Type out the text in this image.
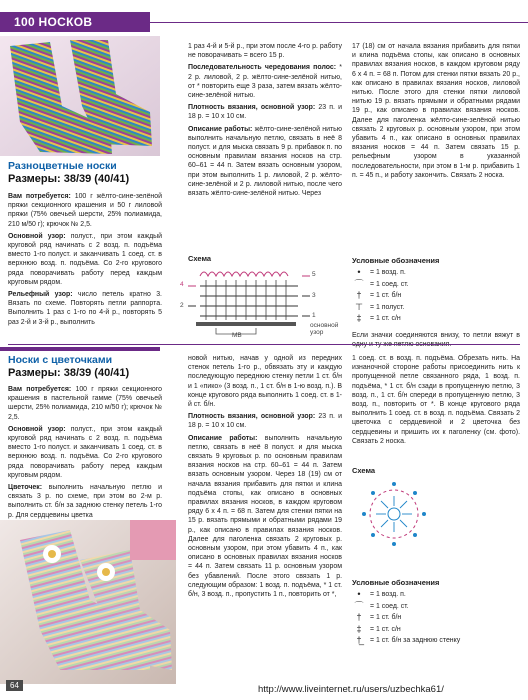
100 НОСКОВ
Разноцветные носки
Размеры: 38/39 (40/41)

Вам потребуется: 100 г жёлто-сине-зелёной пряжи секционного крашения и 50 г лиловой пряжи (75% овечьей шерсти, 25% полиамида, 210 м/50 г); крючок № 2,5.

Основной узор: полуст., при этом каждый круговой ряд начинать с 2 возд. п. подъёма вместо 1-го полуст. и заканчивать 1 соед. ст. в верхнюю возд. п. подъёма. Со 2-го кругового ряда поворачивать работу перед каждым круговым рядом.

Рельефный узор: число петель кратно 3. Вязать по схеме. Повторять петли раппорта. Выполнить 1 раз с 1-го по 4-й р., повторять 5 раз 2-й и 3-й р., выполнить

1 раз 4-й и 5-й р., при этом после 4-го р. работу не поворачивать = всего 15 р.

Последовательность чередования полос: * 2 р. лиловой, 2 р. жёлто-сине-зелёной нитью, от * повторить еще 3 раза, затем вязать жёлто-сине-зелёной нитью.

Плотность вязания, основной узор: 23 п. и 18 р. = 10 х 10 см.

Описание работы: жёлто-сине-зелёной нитью выполнить начальную петлю, связать в неё 8 полуст. и для мыска связать 9 р. прибавок п. по основным правилам вязания носков на стр. 60–61 = 44 п. Затем вязать основным узором, при этом выполнить 1 р. лиловой, 2 р. жёлто-сине-зелёной и 2 р. лиловой нитью, после чего вязать жёлто-сине-зелёной нитью. Через

17 (18) см от начала вязания прибавить для пятки и клина подъёма стопы, как описано в основных правилах вязания носков, в каждом круговом ряду 6 х 4 п. = 68 п. Потом для стенки пятки вязать 20 р., как описано в правилах вязания носков, лиловой нитью. После этого для стенки пятки лиловой нитью 19 р. вязать прямыми и обратными рядами 19 р., как описано в правилах вязания носков. Далее для паголенка жёлто-сине-зелёной нитью связать 2 круговых р. основным узором, при этом убавить 4 п., как описано в основных правилах вязания носков = 44 п. Затем связать 15 р. рельефным узором в указанной последовательности, при этом в 1-м р. прибавить 1 п. = 45 п., и работу закончить. Связать 2 носка.

Схема
5
4
3
2
1
основной узор
МВ
Условные обозначения
•	= 1 возд. п.
⌒ = 1 соед. ст.
†	= 1 ст. б/н
⊤	= 1 полуст.
‡	= 1 ст. с/н
Если значки соединяются внизу, то петли вяжут в
Носки с цветочками
Размеры: 38/39 (40/41)

Вам потребуется: 100 г пряжи секционного крашения в пастельной гамме (75% овечьей шерсти, 25% полиамида, 210 м/50 г); крючок № 2,5.

Основной узор: полуст., при этом каждый круговой ряд начинать с 2 возд. п. подъёма вместо 1-го полуст. и заканчивать 1 соед. ст. в верхнюю возд. п. подъёма. Со 2-го кругового ряда поворачивать работу перед каждым круговым рядом.

Цветочек: выполнить начальную петлю и связать 3 р. по схеме, при этом во 2-м р. выполнить ст. б/н за заднюю стенку петель 1-го р. Для сердцевины цветка

64

новой нитью, начав у одной из передних стенок петель 1-го р., обвязать эту и каждую последующую переднюю стенку петли 1 ст. б/н и 1 «пико» (3 возд. п., 1 ст. б/н в 1-ю возд. п.). В конце кругового ряда выполнить 1 соед. ст. в 1-й ст. б/н.

Плотность вязания, основной узор: 23 п. и 18 р. = 10 х 10 см.

Описание работы: выполнить начальную петлю, связать в неё 8 полуст. и для мыска связать 9 круговых р. по основным правилам вязания носков на стр. 60–61 = 44 п. Затем вязать основным узором. Через 18 (19) см от начала вязания прибавить для пятки и клина подъёма стопы, как описано в основных правилах вязания носков, в каждом круговом ряду 6 х 4 п. = 68 п. Затем для стенки пятки на 15 р. вязать прямыми и обратными рядами 19 р., как описано в правилах вязания носков. Далее для паголенка связать 2 круговых р. основным узором, при этом убавить 4 п., как описано в основных правилах вязания носков = 44 п. Затем связать 11 р. основным узором без убавлений. После этого связать 1 р. следующим образом: 1 возд. п. подъёма, * 1 ст. б/н, 3 возд. п., пропустить 1 п., повторить от *,

1 соед. ст. в возд. п. подъёма. Обрезать нить. На изнаночной стороне работы присоединить нить к пропущенной петле связанного ряда, 1 возд. п. подъёма, * 1 ст. б/н сзади в пропущенную петлю, 3 возд. п., 1 ст. б/н спереди в пропущенную петлю, 3 возд. п., повторить от *. В конце кругового ряда выполнить 1 соед. ст. в возд. п. подъёма. Связать 2 цветочка с сердцевиной и 2 цветочка без сердцевины и пришить их к паголенку (см. фото). Связать 2 носка.

Схема
Условные обозначения
•	= 1 возд. п.
⌒ = 1 соед. ст.
†	= 1 ст. б/н
‡	= 1 ст. с/н
†̲	= 1 ст. б/н за заднюю стенку
http://www.liveinternet.ru/users/uzbechka61/
